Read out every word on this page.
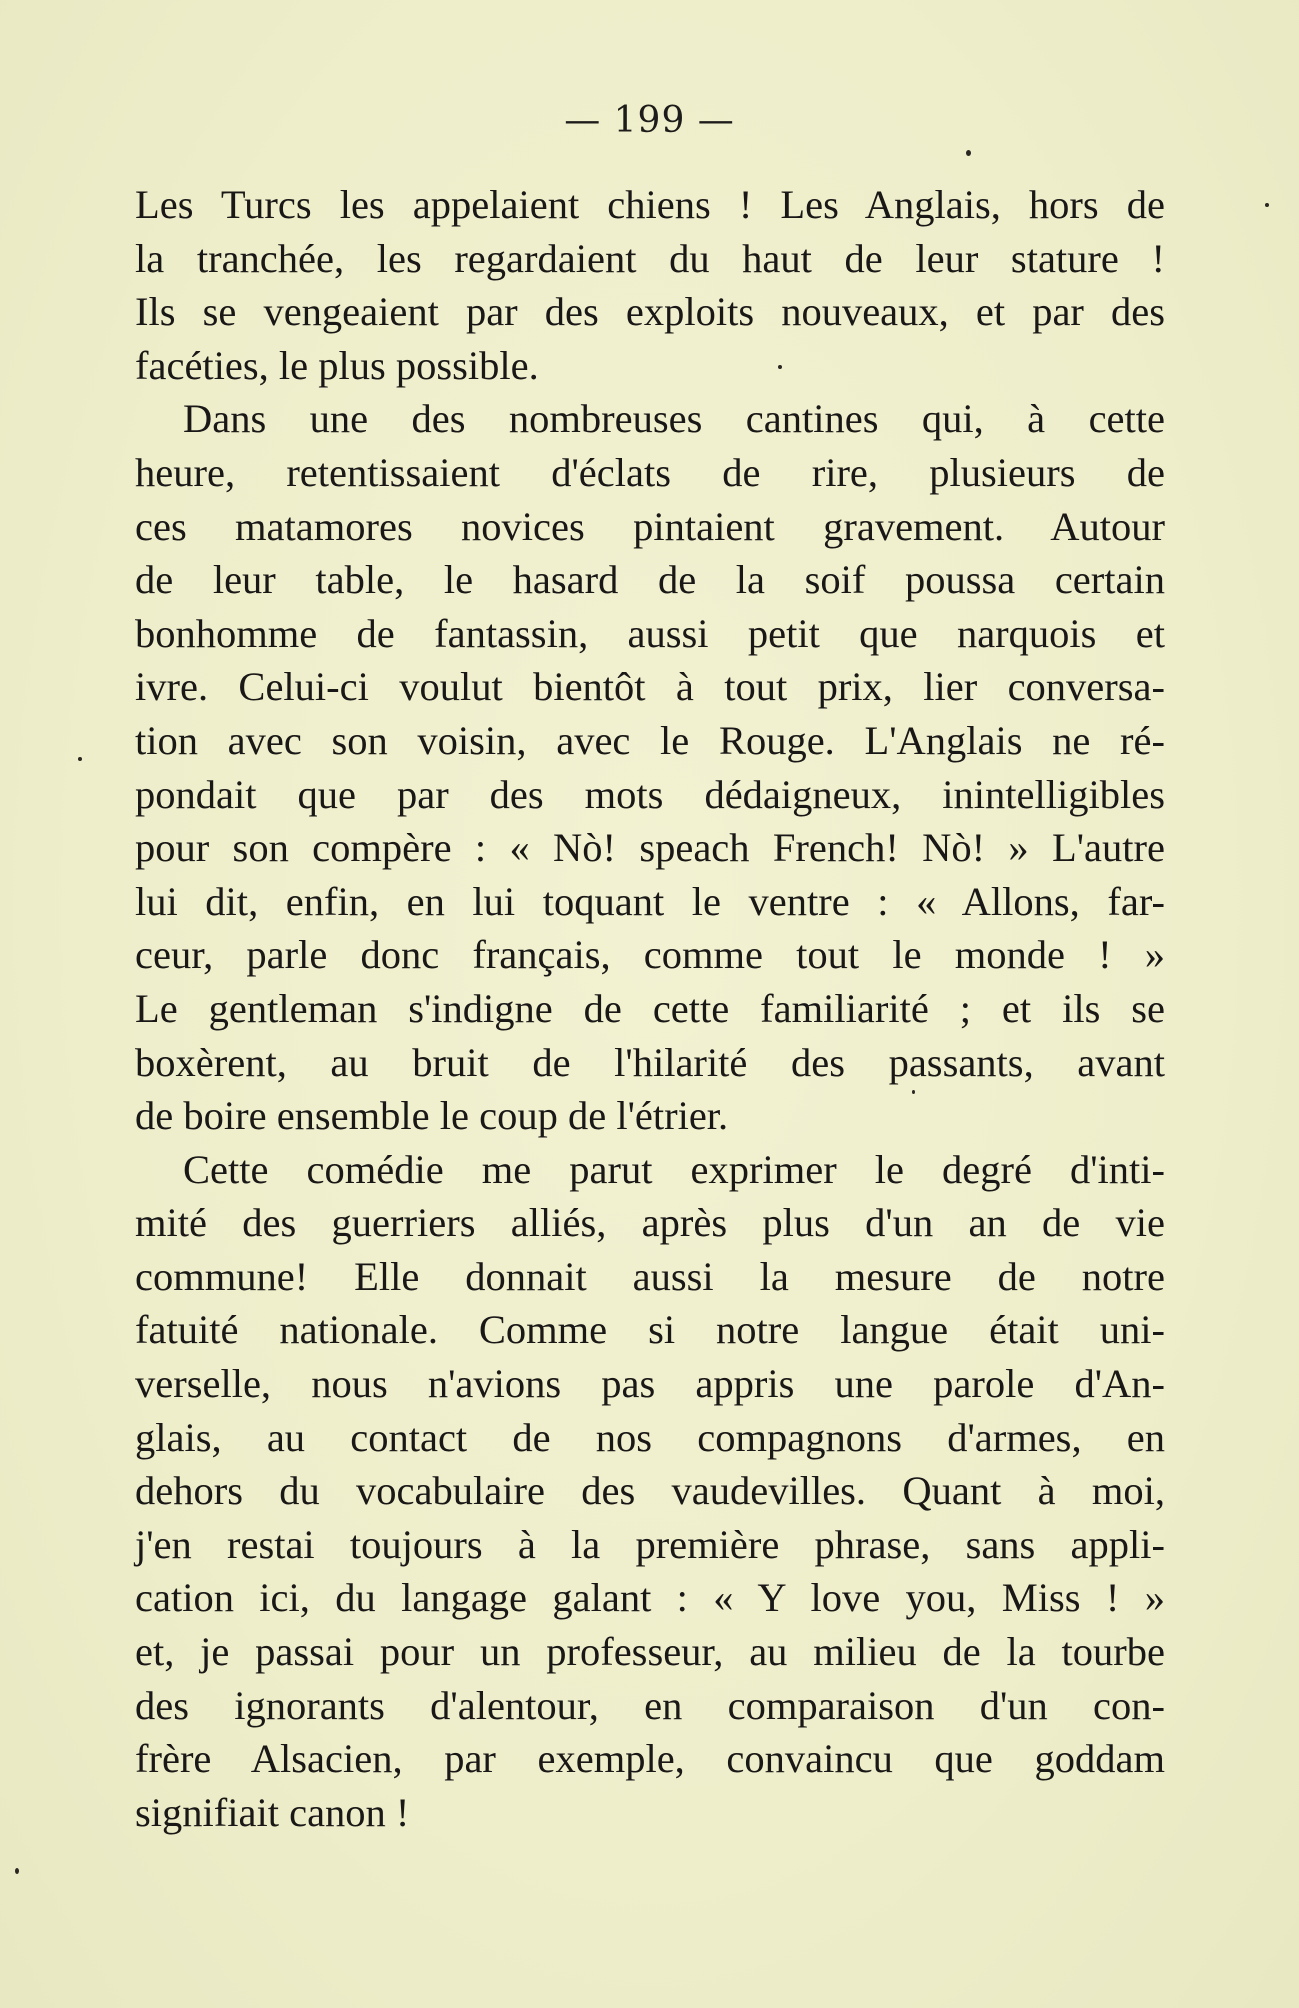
— 199 —
Les Turcs les appelaient chiens ! Les Anglais, hors de
la tranchée, les regardaient du haut de leur stature !
Ils se vengeaient par des exploits nouveaux, et par des
facéties, le plus possible.
Dans une des nombreuses cantines qui, à cette
heure, retentissaient d'éclats de rire, plusieurs de
ces matamores novices pintaient gravement. Autour
de leur table, le hasard de la soif poussa certain
bonhomme de fantassin, aussi petit que narquois et
ivre. Celui-ci voulut bientôt à tout prix, lier conversa-
tion avec son voisin, avec le Rouge. L'Anglais ne ré-
pondait que par des mots dédaigneux, inintelligibles
pour son compère : « Nò! speach French! Nò! » L'autre
lui dit, enfin, en lui toquant le ventre : « Allons, far-
ceur, parle donc français, comme tout le monde ! »
Le gentleman s'indigne de cette familiarité ; et ils se
boxèrent, au bruit de l'hilarité des passants, avant
de boire ensemble le coup de l'étrier.
Cette comédie me parut exprimer le degré d'inti-
mité des guerriers alliés, après plus d'un an de vie
commune! Elle donnait aussi la mesure de notre
fatuité nationale. Comme si notre langue était uni-
verselle, nous n'avions pas appris une parole d'An-
glais, au contact de nos compagnons d'armes, en
dehors du vocabulaire des vaudevilles. Quant à moi,
j'en restai toujours à la première phrase, sans appli-
cation ici, du langage galant : « Y love you, Miss ! »
et, je passai pour un professeur, au milieu de la tourbe
des ignorants d'alentour, en comparaison d'un con-
frère Alsacien, par exemple, convaincu que goddam
signifiait canon !
